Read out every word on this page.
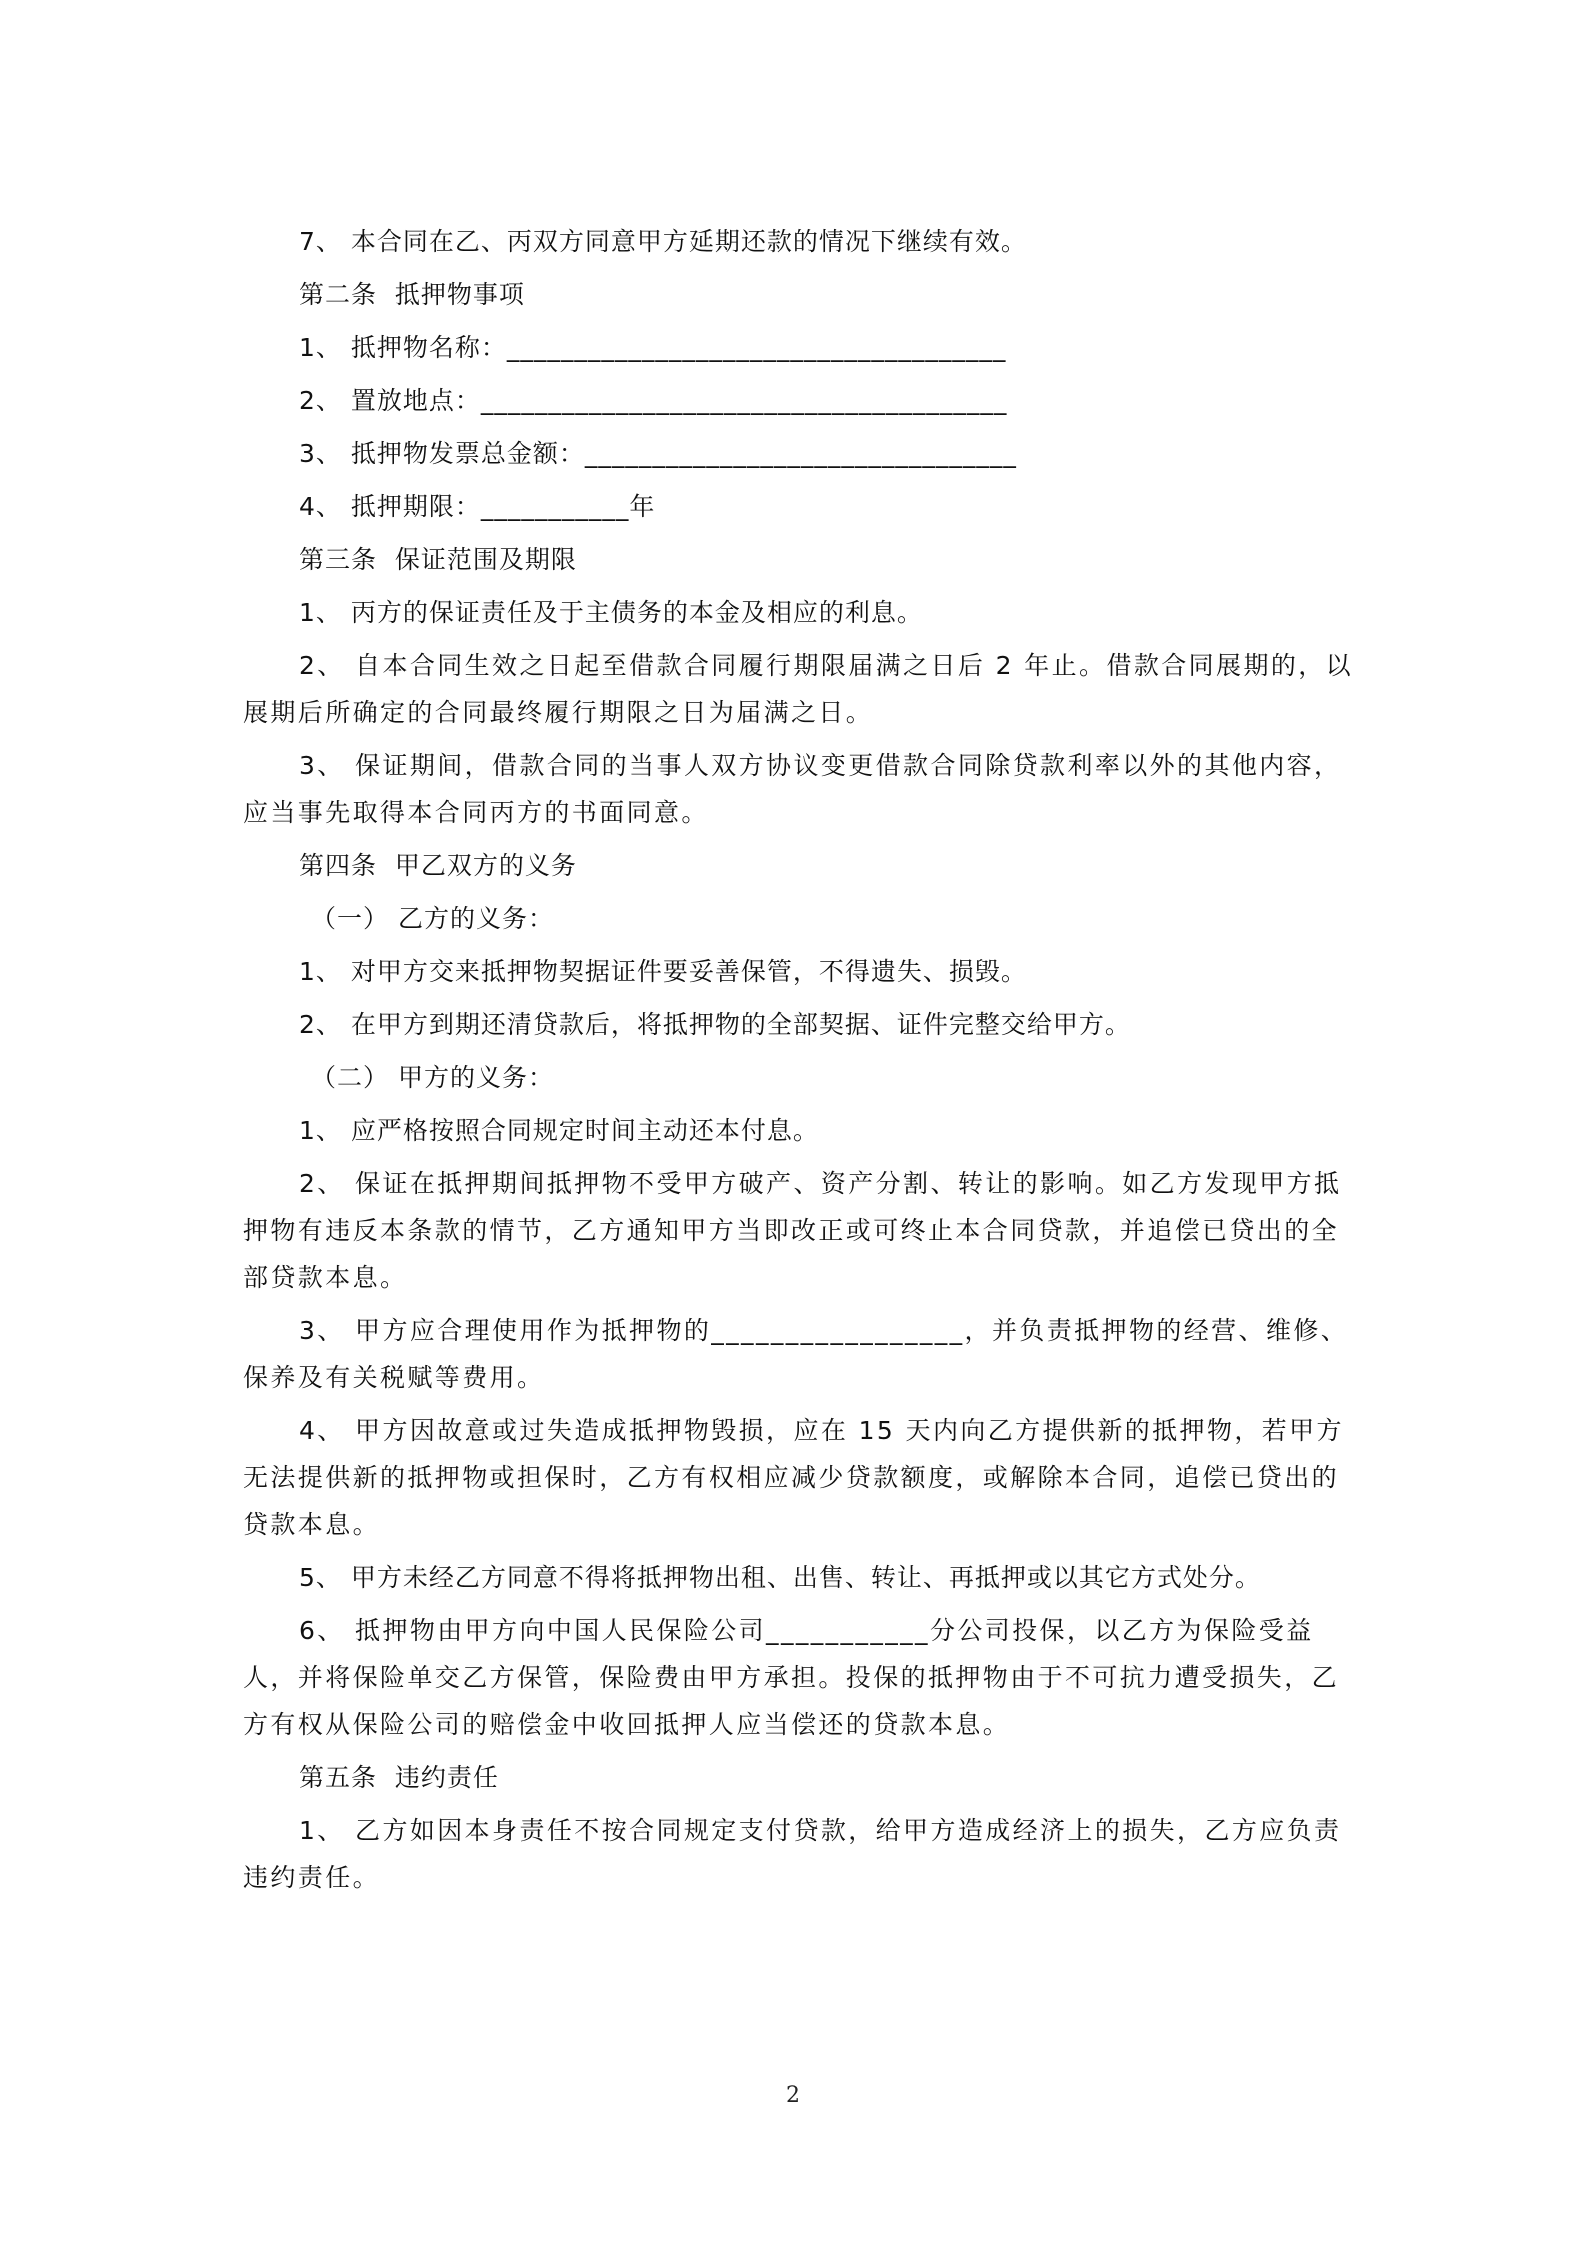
7、 本合同在乙、丙双方同意甲方延期还款的情况下继续有效。

第二条  抵押物事项

1、 抵押物名称：_____________________________________

2、 置放地点：_______________________________________

3、 抵押物发票总金额：________________________________

4、 抵押期限：___________年

第三条  保证范围及期限

1、 丙方的保证责任及于主债务的本金及相应的利息。

2、 自本合同生效之日起至借款合同履行期限届满之日后 2 年止。借款合同展期的，以展期后所确定的合同最终履行期限之日为届满之日。

3、 保证期间，借款合同的当事人双方协议变更借款合同除贷款利率以外的其他内容，应当事先取得本合同丙方的书面同意。

第四条  甲乙双方的义务

（一） 乙方的义务：

1、 对甲方交来抵押物契据证件要妥善保管，不得遗失、损毁。

2、 在甲方到期还清贷款后，将抵押物的全部契据、证件完整交给甲方。

（二） 甲方的义务：

1、 应严格按照合同规定时间主动还本付息。

2、 保证在抵押期间抵押物不受甲方破产、资产分割、转让的影响。如乙方发现甲方抵押物有违反本条款的情节，乙方通知甲方当即改正或可终止本合同贷款，并追偿已贷出的全部贷款本息。

3、 甲方应合理使用作为抵押物的_________________，并负责抵押物的经营、维修、保养及有关税赋等费用。

4、 甲方因故意或过失造成抵押物毁损，应在 15 天内向乙方提供新的抵押物，若甲方无法提供新的抵押物或担保时，乙方有权相应减少贷款额度，或解除本合同，追偿已贷出的贷款本息。

5、 甲方未经乙方同意不得将抵押物出租、出售、转让、再抵押或以其它方式处分。

6、 抵押物由甲方向中国人民保险公司___________分公司投保，以乙方为保险受益人，并将保险单交乙方保管，保险费由甲方承担。投保的抵押物由于不可抗力遭受损失，乙方有权从保险公司的赔偿金中收回抵押人应当偿还的贷款本息。

第五条  违约责任

1、 乙方如因本身责任不按合同规定支付贷款，给甲方造成经济上的损失，乙方应负责违约责任。

2
